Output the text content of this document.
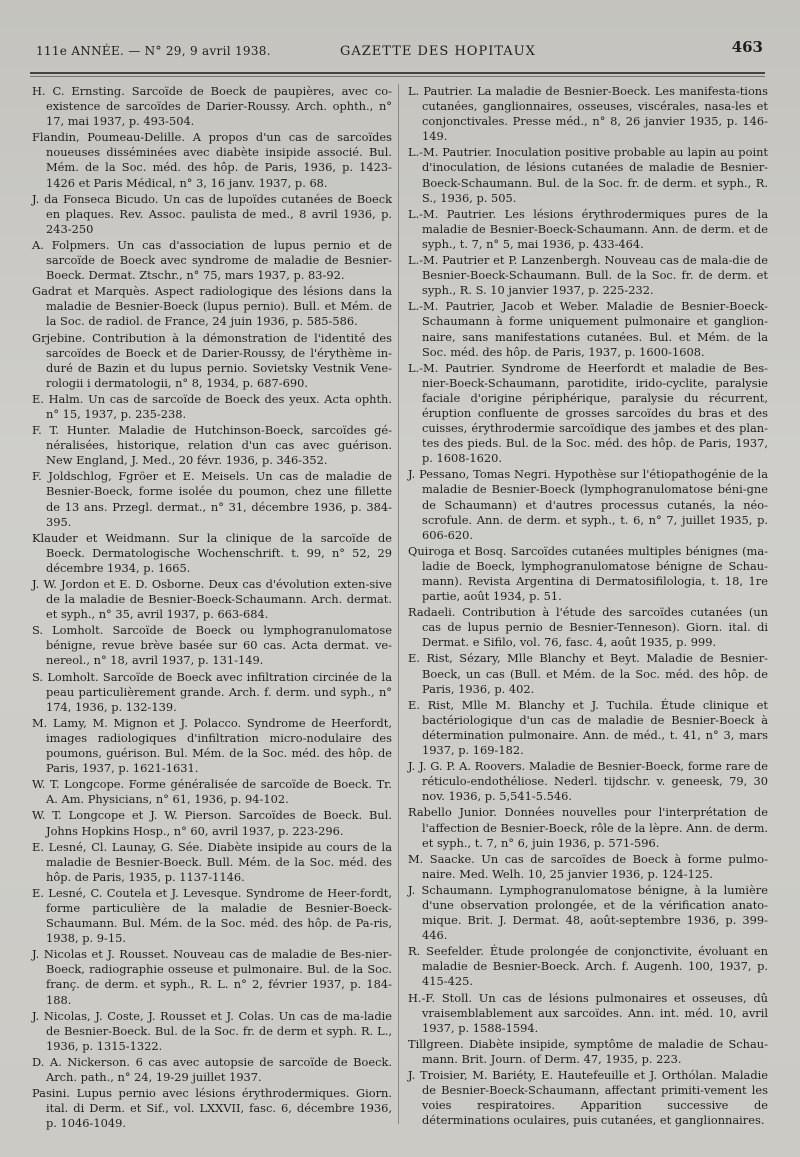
111e ANNÉE. — N° 29, 9 avril 1938.	GAZETTE DES HOPITAUX	463

H. C. Ernsting. Sarcoïde de Boeck de paupières, avec co-existence de sarcoïdes de Darier-Roussy. Arch. ophth., n° 17, mai 1937, p. 493-504.

Flandin, Poumeau-Delille. A propos d'un cas de sarcoïdes noueuses disséminées avec diabète insipide associé. Bul. Mém. de la Soc. méd. des hôp. de Paris, 1936, p. 1423-1426 et Paris Médical, n° 3, 16 janv. 1937, p. 68.

J. da Fonseca Bicudo. Un cas de lupoïdes cutanées de Boeck en plaques. Rev. Assoc. paulista de med., 8 avril 1936, p. 243-250

A. Folpmers. Un cas d'association de lupus pernio et de sarcoïde de Boeck avec syndrome de maladie de Besnier-Boeck. Dermat. Ztschr., n° 75, mars 1937, p. 83-92.

Gadrat et Marquès. Aspect radiologique des lésions dans la maladie de Besnier-Boeck (lupus pernio). Bull. et Mém. de la Soc. de radiol. de France, 24 juin 1936, p. 585-586.

Grjebine. Contribution à la démonstration de l'identité des sarcoïdes de Boeck et de Darier-Roussy, de l'érythème in-duré de Bazin et du lupus pernio. Sovietsky Vestnik Vene-rologii i dermatologii, n° 8, 1934, p. 687-690.

E. Halm. Un cas de sarcoïde de Boeck des yeux. Acta ophth. n° 15, 1937, p. 235-238.

F. T. Hunter. Maladie de Hutchinson-Boeck, sarcoïdes gé-néralisées, historique, relation d'un cas avec guérison. New England, J. Med., 20 févr. 1936, p. 346-352.

F. Joldschlog, Fgröer et E. Meisels. Un cas de maladie de Besnier-Boeck, forme isolée du poumon, chez une fillette de 13 ans. Przegl. dermat., n° 31, décembre 1936, p. 384-395.

Klauder et Weidmann. Sur la clinique de la sarcoïde de Boeck. Dermatologische Wochenschrift. t. 99, n° 52, 29 décembre 1934, p. 1665.

J. W. Jordon et E. D. Osborne. Deux cas d'évolution exten-sive de la maladie de Besnier-Boeck-Schaumann. Arch. dermat. et syph., n° 35, avril 1937, p. 663-684.

S. Lomholt. Sarcoïde de Boeck ou lymphogranulomatose bénigne, revue brève basée sur 60 cas. Acta dermat. ve-nereol., n° 18, avril 1937, p. 131-149.

S. Lomholt. Sarcoïde de Boeck avec infiltration circinée de la peau particulièrement grande. Arch. f. derm. und syph., n° 174, 1936, p. 132-139.

M. Lamy, M. Mignon et J. Polacco. Syndrome de Heerfordt, images radiologiques d'infiltration micro-nodulaire des poumons, guérison. Bul. Mém. de la Soc. méd. des hôp. de Paris, 1937, p. 1621-1631.

W. T. Longcope. Forme généralisée de sarcoïde de Boeck. Tr. A. Am. Physicians, n° 61, 1936, p. 94-102.

W. T. Longcope et J. W. Pierson. Sarcoïdes de Boeck. Bul. Johns Hopkins Hosp., n° 60, avril 1937, p. 223-296.

E. Lesné, Cl. Launay, G. Sée. Diabète insipide au cours de la maladie de Besnier-Boeck. Bull. Mém. de la Soc. méd. des hôp. de Paris, 1935, p. 1137-1146.

E. Lesné, C. Coutela et J. Levesque. Syndrome de Heer-fordt, forme particulière de la maladie de Besnier-Boeck-Schaumann. Bul. Mém. de la Soc. méd. des hôp. de Pa-ris, 1938, p. 9-15.

J. Nicolas et J. Rousset. Nouveau cas de maladie de Bes-nier-Boeck, radiographie osseuse et pulmonaire. Bul. de la Soc. franç. de derm. et syph., R. L. n° 2, février 1937, p. 184-188.

J. Nicolas, J. Coste, J. Rousset et J. Colas. Un cas de ma-ladie de Besnier-Boeck. Bul. de la Soc. fr. de derm et syph. R. L., 1936, p. 1315-1322.

D. A. Nickerson. 6 cas avec autopsie de sarcoïde de Boeck. Arch. path., n° 24, 19-29 juillet 1937.

Pasini. Lupus pernio avec lésions érythrodermiques. Giorn. ital. di Derm. et Sif., vol. LXXVII, fasc. 6, décembre 1936, p. 1046-1049.

L. Pautrier. La maladie de Besnier-Boeck. Les manifesta-tions cutanées, ganglionnaires, osseuses, viscérales, nasa-les et conjonctivales. Presse méd., n° 8, 26 janvier 1935, p. 146-149.

L.-M. Pautrier. Inoculation positive probable au lapin au point d'inoculation, de lésions cutanées de maladie de Besnier-Boeck-Schaumann. Bul. de la Soc. fr. de derm. et syph., R. S., 1936, p. 505.

L.-M. Pautrier. Les lésions érythrodermiques pures de la maladie de Besnier-Boeck-Schaumann. Ann. de derm. et de syph., t. 7, n° 5, mai 1936, p. 433-464.

L.-M. Pautrier et P. Lanzenbergh. Nouveau cas de mala-die de Besnier-Boeck-Schaumann. Bull. de la Soc. fr. de derm. et syph., R. S. 10 janvier 1937, p. 225-232.

L.-M. Pautrier, Jacob et Weber. Maladie de Besnier-Boeck-Schaumann à forme uniquement pulmonaire et ganglion-naire, sans manifestations cutanées. Bul. et Mém. de la Soc. méd. des hôp. de Paris, 1937, p. 1600-1608.

L.-M. Pautrier. Syndrome de Heerfordt et maladie de Bes-nier-Boeck-Schaumann, parotidite, irido-cyclite, paralysie faciale d'origine périphérique, paralysie du récurrent, éruption confluente de grosses sarcoïdes du bras et des cuisses, érythrodermie sarcoïdique des jambes et des plan-tes des pieds. Bul. de la Soc. méd. des hôp. de Paris, 1937, p. 1608-1620.

J. Pessano, Tomas Negri. Hypothèse sur l'étiopathogénie de la maladie de Besnier-Boeck (lymphogranulomatose béni-gne de Schaumann) et d'autres processus cutanés, la néo-scrofule. Ann. de derm. et syph., t. 6, n° 7, juillet 1935, p. 606-620.

Quiroga et Bosq. Sarcoïdes cutanées multiples bénignes (ma-ladie de Boeck, lymphogranulomatose bénigne de Schau-mann). Revista Argentina di Dermatosifilologia, t. 18, 1re partie, août 1934, p. 51.

Radaeli. Contribution à l'étude des sarcoïdes cutanées (un cas de lupus pernio de Besnier-Tenneson). Giorn. ital. di Dermat. e Sifilo, vol. 76, fasc. 4, août 1935, p. 999.

E. Rist, Sézary, Mlle Blanchy et Beyt. Maladie de Besnier-Boeck, un cas (Bull. et Mém. de la Soc. méd. des hôp. de Paris, 1936, p. 402.

E. Rist, Mlle M. Blanchy et J. Tuchila. Étude clinique et bactériologique d'un cas de maladie de Besnier-Boeck à détermination pulmonaire. Ann. de méd., t. 41, n° 3, mars 1937, p. 169-182.

J. J. G. P. A. Roovers. Maladie de Besnier-Boeck, forme rare de réticulo-endothéliose. Nederl. tijdschr. v. geneesk, 79, 30 nov. 1936, p. 5,541-5.546.

Rabello Junior. Données nouvelles pour l'interprétation de l'affection de Besnier-Boeck, rôle de la lèpre. Ann. de derm. et syph., t. 7, n° 6, juin 1936, p. 571-596.

M. Saacke. Un cas de sarcoïdes de Boeck à forme pulmo-naire. Med. Welh. 10, 25 janvier 1936, p. 124-125.

J. Schaumann. Lymphogranulomatose bénigne, à la lumière d'une observation prolongée, et de la vérification anato-mique. Brit. J. Dermat. 48, août-septembre 1936, p. 399-446.

R. Seefelder. Étude prolongée de conjonctivite, évoluant en maladie de Besnier-Boeck. Arch. f. Augenh. 100, 1937, p. 415-425.

H.-F. Stoll. Un cas de lésions pulmonaires et osseuses, dû vraisemblablement aux sarcoïdes. Ann. int. méd. 10, avril 1937, p. 1588-1594.

Tillgreen. Diabète insipide, symptôme de maladie de Schau-mann. Brit. Journ. of Derm. 47, 1935, p. 223.

J. Troisier, M. Bariéty, E. Hautefeuille et J. Orthólan. Maladie de Besnier-Boeck-Schaumann, affectant primiti-vement les voies respiratoires. Apparition successive de déterminations oculaires, puis cutanées, et ganglionnaires.
